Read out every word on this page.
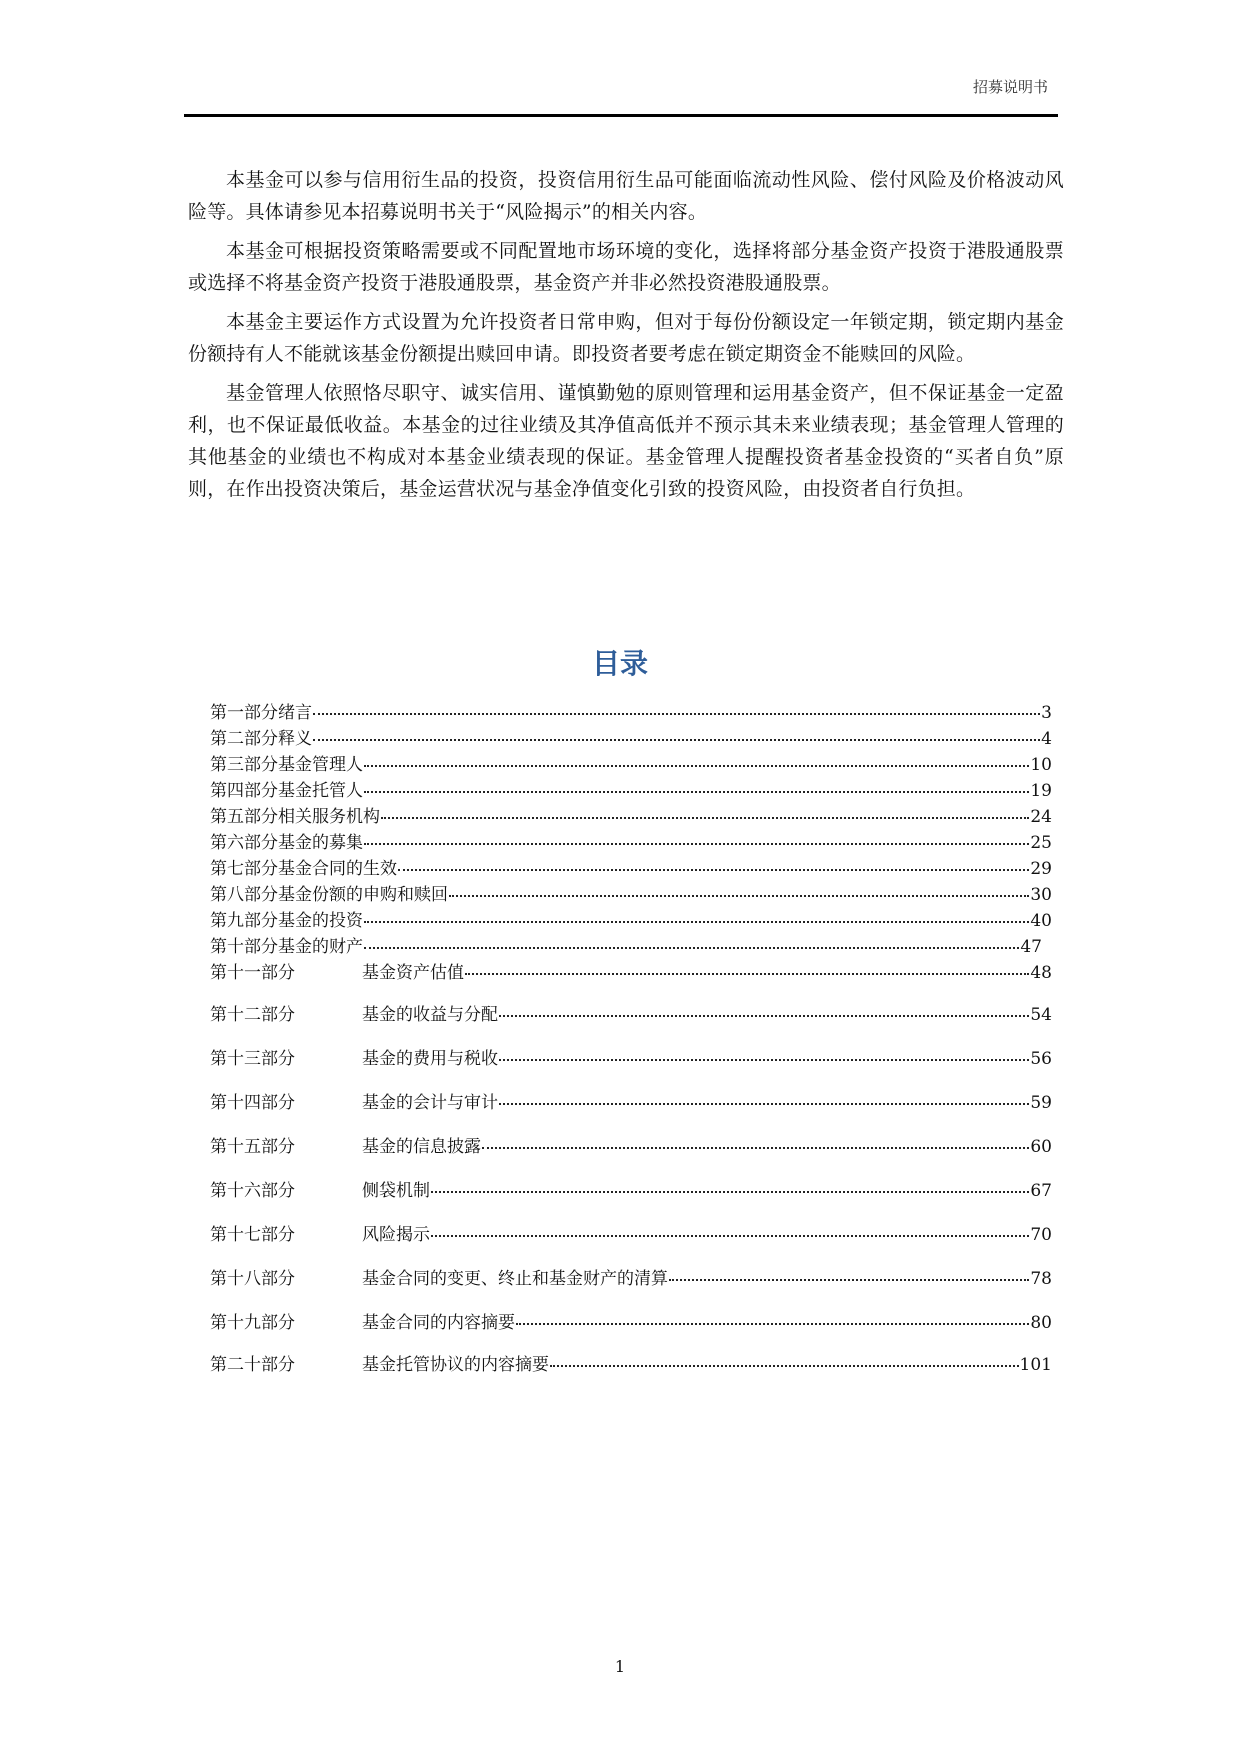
招募说明书

本基金可以参与信用衍生品的投资，投资信用衍生品可能面临流动性风险、偿付风险及价格波动风险等。具体请参见本招募说明书关于“风险揭示”的相关内容。

本基金可根据投资策略需要或不同配置地市场环境的变化，选择将部分基金资产投资于港股通股票或选择不将基金资产投资于港股通股票，基金资产并非必然投资港股通股票。

本基金主要运作方式设置为允许投资者日常申购，但对于每份份额设定一年锁定期，锁定期内基金份额持有人不能就该基金份额提出赎回申请。即投资者要考虑在锁定期资金不能赎回的风险。

基金管理人依照恪尽职守、诚实信用、谨慎勤勉的原则管理和运用基金资产，但不保证基金一定盈利，也不保证最低收益。本基金的过往业绩及其净值高低并不预示其未来业绩表现；基金管理人管理的其他基金的业绩也不构成对本基金业绩表现的保证。基金管理人提醒投资者基金投资的“买者自负”原则，在作出投资决策后，基金运营状况与基金净值变化引致的投资风险，由投资者自行负担。

目录
第一部分绪言	3
第二部分释义	4
第三部分基金管理人	10
第四部分基金托管人	19
第五部分相关服务机构	24
第六部分基金的募集	25
第七部分基金合同的生效	29
第八部分基金份额的申购和赎回	30
第九部分基金的投资	40
第十部分基金的财产	47
第十一部分	基金资产估值	48
第十二部分	基金的收益与分配	54
第十三部分	基金的费用与税收	56
第十四部分	基金的会计与审计	59
第十五部分	基金的信息披露	60
第十六部分	侧袋机制	67
第十七部分	风险揭示	70
第十八部分	基金合同的变更、终止和基金财产的清算	78
第十九部分	基金合同的内容摘要	80
第二十部分	基金托管协议的内容摘要	101
1
